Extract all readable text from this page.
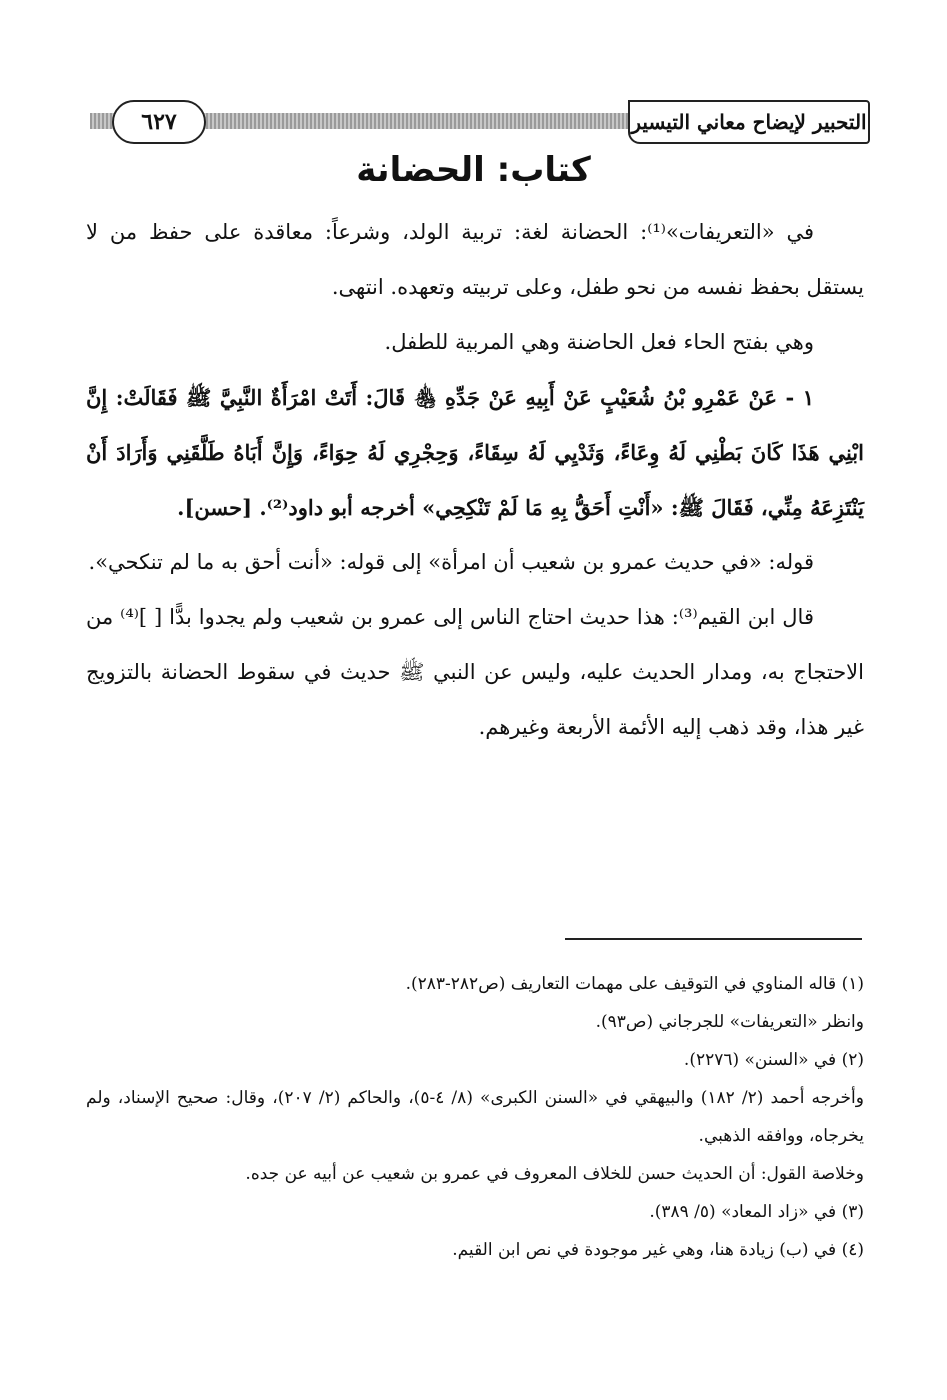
٦٢٧	التحبير لإيضاح معاني التيسير
كتاب: الحضانة

في «التعريفات»⁽¹⁾: الحضانة لغة: تربية الولد، وشرعاً: معاقدة على حفظ من لا يستقل بحفظ نفسه من نحو طفل، وعلى تربيته وتعهده. انتهى.

وهي بفتح الحاء فعل الحاضنة وهي المربية للطفل.

١ - عَنْ عَمْرِو بْنُ شُعَيْبٍ عَنْ أَبِيهِ عَنْ جَدِّهِ ﵃ قَالَ: أَتَتْ امْرَأَةٌ النَّبِيَّ ﷺ فَقَالَتْ: إِنَّ ابْنِي هَذَا كَانَ بَطْنِي لَهُ وِعَاءً، وَثَدْيِي لَهُ سِقَاءً، وَحِجْرِي لَهُ حِوَاءً، وَإِنَّ أَبَاهُ طَلَّقَنِي وَأَرَادَ أَنْ يَنْتَزِعَهُ مِنِّي، فَقَالَ ﷺ: «أَنْتِ أَحَقُّ بِهِ مَا لَمْ تَنْكِحِي» أخرجه أبو داود⁽²⁾. [حسن].

قوله: «في حديث عمرو بن شعيب أن امرأة» إلى قوله: «أنت أحق به ما لم تنكحي».

قال ابن القيم⁽³⁾: هذا حديث احتاج الناس إلى عمرو بن شعيب ولم يجدوا بدًّا [ ]⁽⁴⁾ من الاحتجاج به، ومدار الحديث عليه، وليس عن النبي ﷺ حديث في سقوط الحضانة بالتزويج غير هذا، وقد ذهب إليه الأئمة الأربعة وغيرهم.

(١) قاله المناوي في التوقيف على مهمات التعاريف (ص٢٨٢-٢٨٣).

وانظر «التعريفات» للجرجاني (ص٩٣).

(٢) في «السنن» (٢٢٧٦).

وأخرجه أحمد (٢/ ١٨٢) والبيهقي في «السنن الكبرى» (٨/ ٤-٥)، والحاكم (٢/ ٢٠٧)، وقال: صحيح الإسناد، ولم يخرجاه، ووافقه الذهبي.

وخلاصة القول: أن الحديث حسن للخلاف المعروف في عمرو بن شعيب عن أبيه عن جده.

(٣) في «زاد المعاد» (٥/ ٣٨٩).

(٤) في (ب) زيادة هنا، وهي غير موجودة في نص ابن القيم.
